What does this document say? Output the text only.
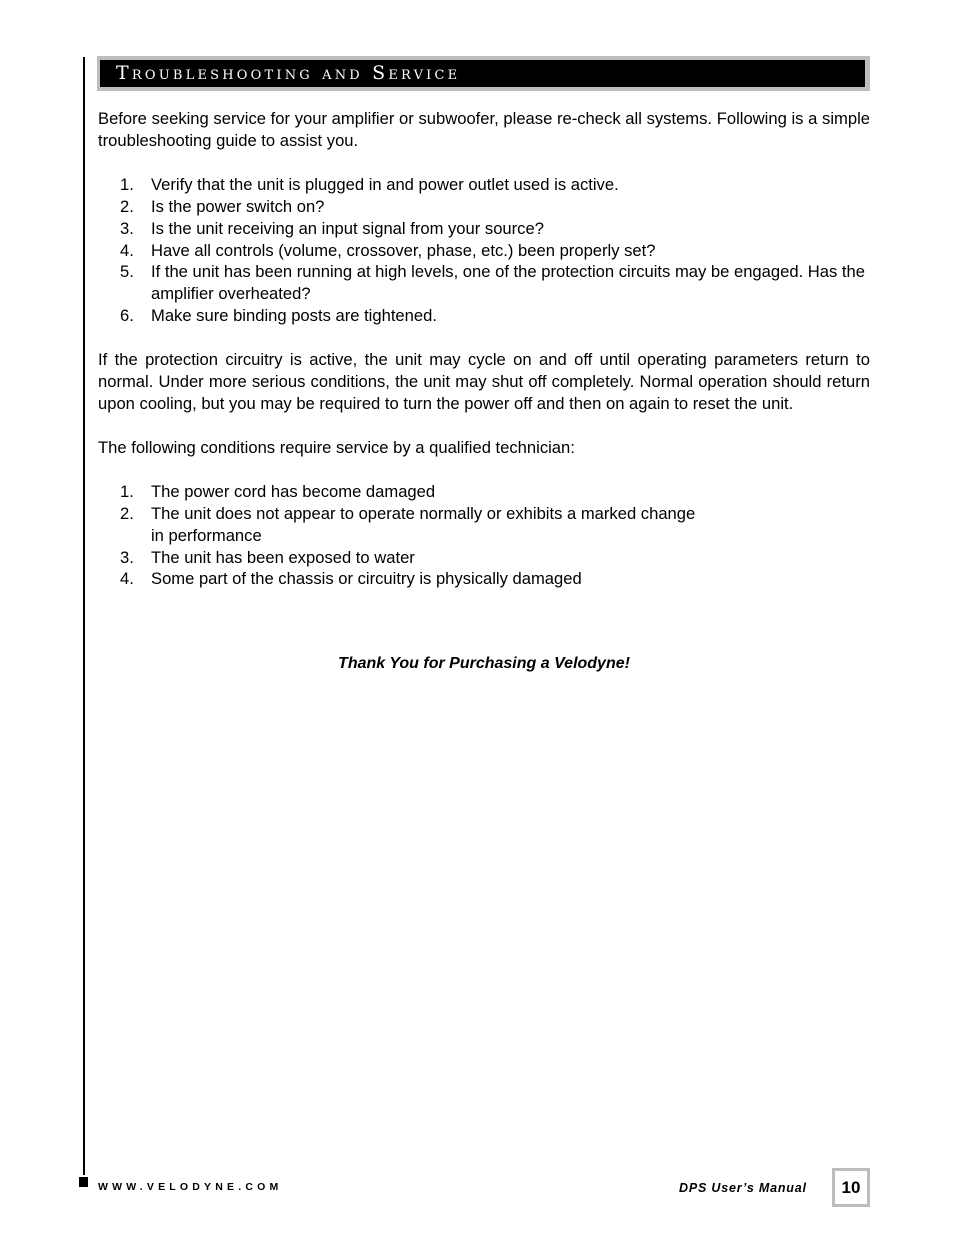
Troubleshooting and Service

Before seeking service for your amplifier or subwoofer, please re-check all systems. Following is a simple troubleshooting guide to assist you.

1. Verify that the unit is plugged in and power outlet used is active.
2. Is the power switch on?
3. Is the unit receiving an input signal from your source?
4. Have all controls (volume, crossover, phase, etc.) been properly set?
5. If the unit has been running at high levels, one of the protection circuits may be engaged. Has the amplifier overheated?
6. Make sure binding posts are tightened.

If the protection circuitry is active, the unit may cycle on and off until operating parameters return to normal. Under more serious conditions, the unit may shut off completely. Normal operation should return upon cooling, but you may be required to turn the power off and then on again to reset the unit.

The following conditions require service by a qualified technician:

1. The power cord has become damaged
2. The unit does not appear to operate normally or exhibits a marked change in performance
3. The unit has been exposed to water
4. Some part of the chassis or circuitry is physically damaged
Thank You for Purchasing a Velodyne!
WWW.VELODYNE.COM	DPS User’s Manual	10
